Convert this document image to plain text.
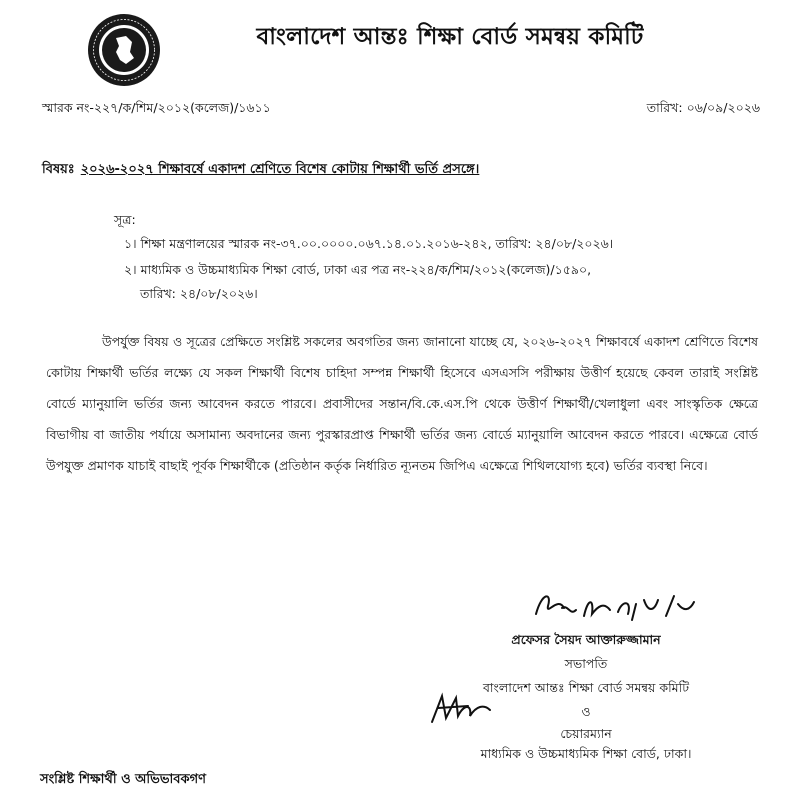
বাংলাদেশ আন্তঃ শিক্ষা বোর্ড সমন্বয় কমিটি
স্মারক নং-২২৭/ক/শিম/২০১২(কলেজ)/১৬১১	তারিখ: ০৬/০৯/২০২৬
বিষয়ঃ ২০২৬-২০২৭ শিক্ষাবর্ষে একাদশ শ্রেণিতে বিশেষ কোটায় শিক্ষার্থী ভর্তি প্রসঙ্গে।
সূত্র:
১। শিক্ষা মন্ত্রণালয়ের স্মারক নং-৩৭.০০.০০০০.০৬৭.১৪.০১.২০১৬-২৪২, তারিখ: ২৪/০৮/২০২৬।
২। মাধ্যমিক ও উচ্চমাধ্যমিক শিক্ষা বোর্ড, ঢাকা এর পত্র নং-২২৪/ক/শিম/২০১২(কলেজ)/১৫৯০,
তারিখ: ২৪/০৮/২০২৬।
উপর্যুক্ত বিষয় ও সূত্রের প্রেক্ষিতে সংশ্লিষ্ট সকলের অবগতির জন্য জানানো যাচ্ছে যে, ২০২৬-২০২৭ শিক্ষাবর্ষে একাদশ শ্রেণিতে বিশেষ কোটায় শিক্ষার্থী ভর্তির লক্ষ্যে যে সকল শিক্ষার্থী বিশেষ চাহিদা সম্পন্ন শিক্ষার্থী হিসেবে এসএসসি পরীক্ষায় উত্তীর্ণ হয়েছে কেবল তারাই সংশ্লিষ্ট বোর্ডে ম্যানুয়ালি ভর্তির জন্য আবেদন করতে পারবে। প্রবাসীদের সন্তান/বি.কে.এস.পি থেকে উত্তীর্ণ শিক্ষার্থী/খেলাধুলা এবং সাংস্কৃতিক ক্ষেত্রে বিভাগীয় বা জাতীয় পর্যায়ে অসামান্য অবদানের জন্য পুরস্কারপ্রাপ্ত শিক্ষার্থী ভর্তির জন্য বোর্ডে ম্যানুয়ালি আবেদন করতে পারবে। এক্ষেত্রে বোর্ড উপযুক্ত প্রমাণক যাচাই বাছাই পূর্বক শিক্ষার্থীকে (প্রতিষ্ঠান কর্তৃক নির্ধারিত ন্যূনতম জিপিএ এক্ষেত্রে শিথিলযোগ্য হবে) ভর্তির ব্যবস্থা নিবে।
প্রফেসর সৈয়দ আক্তারুজ্জামান
সভাপতি
বাংলাদেশ আন্তঃ শিক্ষা বোর্ড সমন্বয় কমিটি
ও
চেয়ারম্যান
মাধ্যমিক ও উচ্চমাধ্যমিক শিক্ষা বোর্ড, ঢাকা।
সংশ্লিষ্ট শিক্ষার্থী ও অভিভাবকগণ
